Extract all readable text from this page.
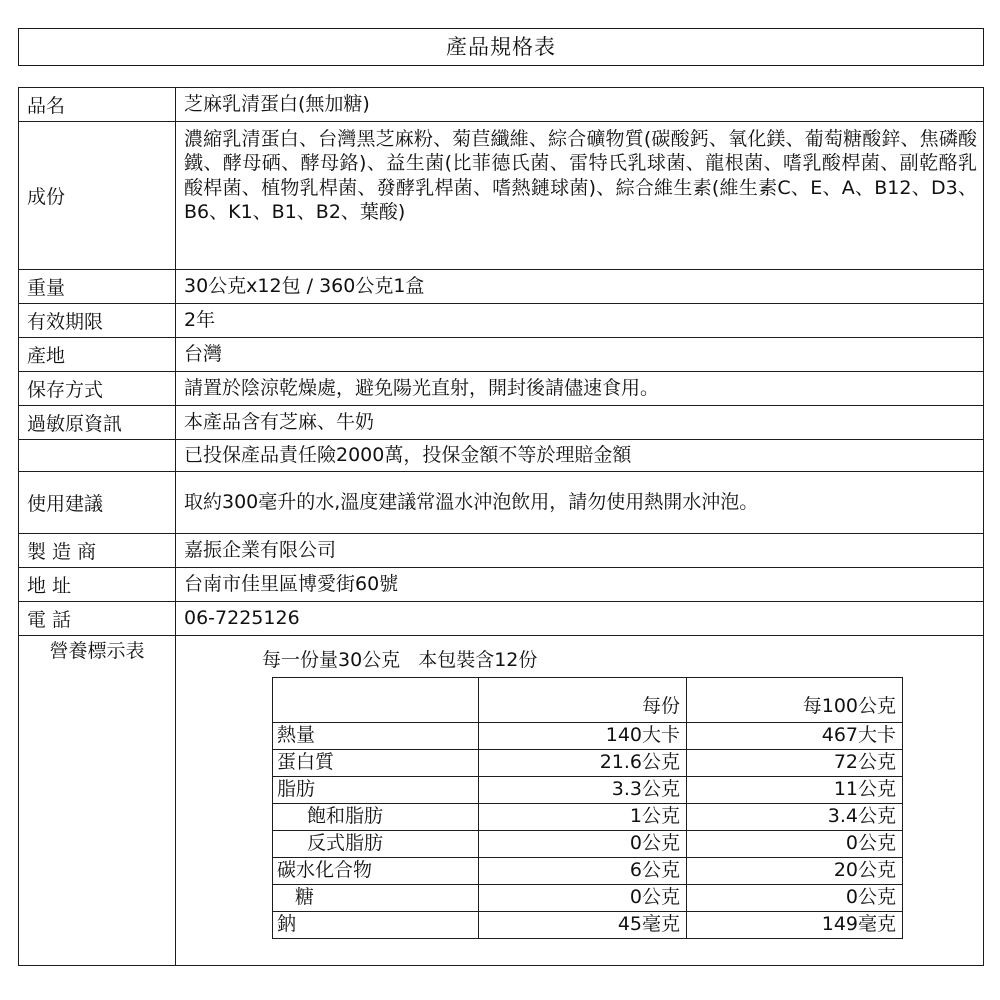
產品規格表
品名	芝麻乳清蛋白(無加糖)
成份	濃縮乳清蛋白、台灣黑芝麻粉、菊苣纖維、綜合礦物質(碳酸鈣、氧化鎂、葡萄糖酸鋅、焦磷酸鐵、酵母硒、酵母鉻)、益生菌(比菲德氏菌、雷特氏乳球菌、龍根菌、嗜乳酸桿菌、副乾酪乳酸桿菌、植物乳桿菌、發酵乳桿菌、嗜熱鏈球菌)、綜合維生素(維生素C、E、A、B12、D3、B6、K1、B1、B2、葉酸)
重量	30公克x12包 / 360公克1盒
有效期限	2年
產地	台灣
保存方式	請置於陰涼乾燥處，避免陽光直射，開封後請儘速食用。
過敏原資訊	本產品含有芝麻、牛奶
	已投保產品責任險2000萬，投保金額不等於理賠金額
使用建議	取約300毫升的水,溫度建議常溫水沖泡飲用，請勿使用熱開水沖泡。
製 造 商	嘉振企業有限公司
地 址	台南市佳里區博愛街60號
電 話	06-7225126
營養標示表	每一份量30公克 本包裝含12份
	每份	每100公克
熱量	140大卡	467大卡
蛋白質	21.6公克	72公克
脂肪	3.3公克	11公克
飽和脂肪	1公克	3.4公克
反式脂肪	0公克	0公克
碳水化合物	6公克	20公克
糖	0公克	0公克
鈉	45毫克	149毫克
